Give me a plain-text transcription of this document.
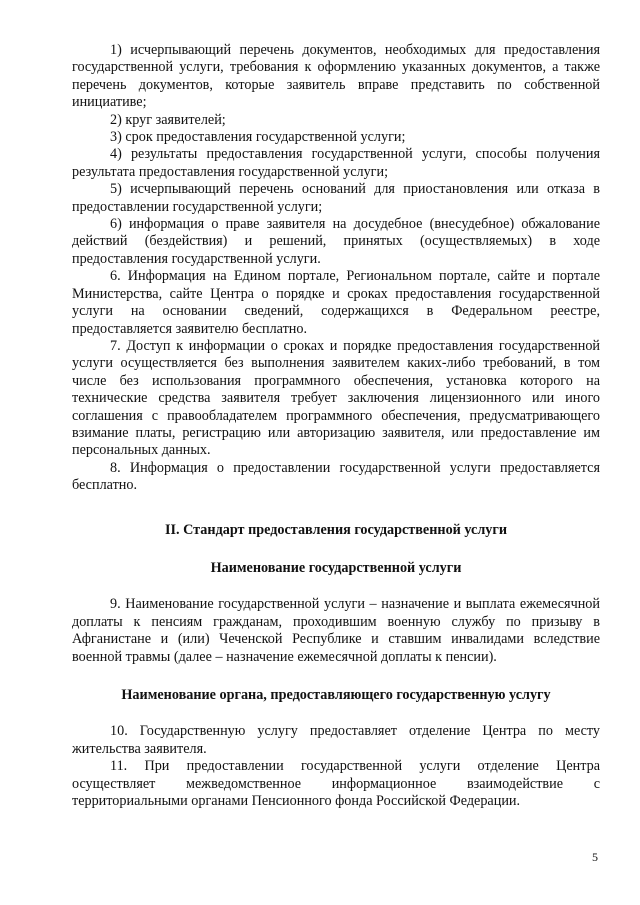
1) исчерпывающий перечень документов, необходимых для предоставления государственной услуги, требования к оформлению указанных документов, а также перечень документов, которые заявитель вправе представить по собственной инициативе;

2) круг заявителей;

3) срок предоставления государственной услуги;

4) результаты предоставления государственной услуги, способы получения результата предоставления государственной услуги;

5) исчерпывающий перечень оснований для приостановления или отказа в предоставлении государственной услуги;

6) информация о праве заявителя на досудебное (внесудебное) обжалование действий (бездействия) и решений, принятых (осуществляемых) в ходе предоставления государственной услуги.

6. Информация на Едином портале, Региональном портале, сайте и портале Министерства, сайте Центра о порядке и сроках предоставления государственной услуги на основании сведений, содержащихся в Федеральном реестре, предоставляется заявителю бесплатно.

7. Доступ к информации о сроках и порядке предоставления государственной услуги осуществляется без выполнения заявителем каких-либо требований, в том числе без использования программного обеспечения, установка которого на технические средства заявителя требует заключения лицензионного или иного соглашения с правообладателем программного обеспечения, предусматривающего взимание платы, регистрацию или авторизацию заявителя, или предоставление им персональных данных.

8. Информация о предоставлении государственной услуги предоставляется бесплатно.

II. Стандарт предоставления государственной услуги

Наименование государственной услуги

9. Наименование государственной услуги – назначение и выплата ежемесячной доплаты к пенсиям гражданам, проходившим военную службу по призыву в Афганистане и (или) Чеченской Республике и ставшим инвалидами вследствие военной травмы (далее – назначение ежемесячной доплаты к пенсии).

Наименование органа, предоставляющего государственную услугу

10. Государственную услугу предоставляет отделение Центра по месту жительства заявителя.

11. При предоставлении государственной услуги отделение Центра осуществляет межведомственное информационное взаимодействие с территориальными органами Пенсионного фонда Российской Федерации.

5
